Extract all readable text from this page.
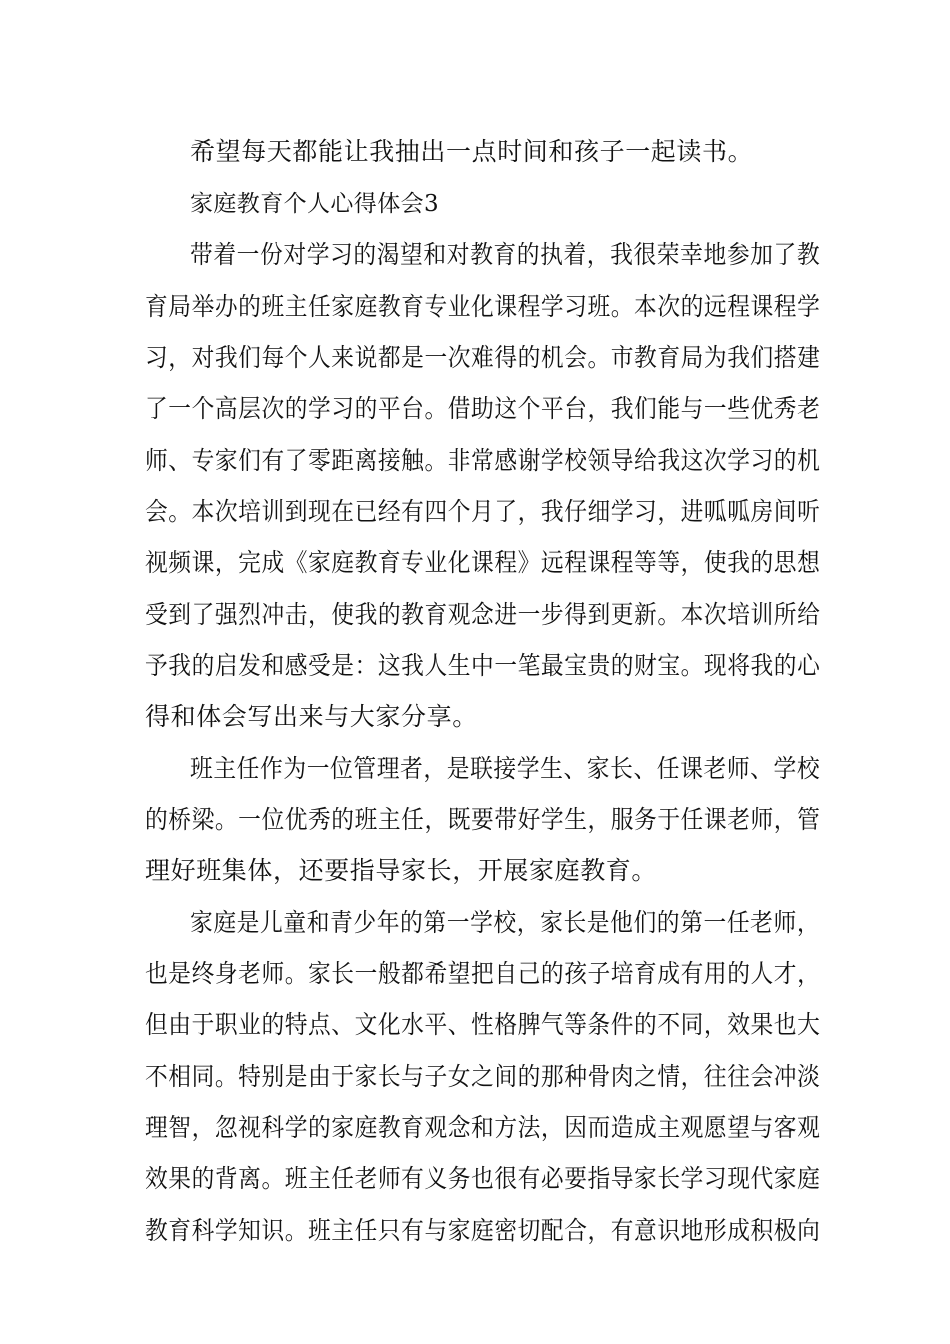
希望每天都能让我抽出一点时间和孩子一起读书。
家庭教育个人心得体会3
带着一份对学习的渴望和对教育的执着，我很荣幸地参加了教
育局举办的班主任家庭教育专业化课程学习班。本次的远程课程学
习，对我们每个人来说都是一次难得的机会。市教育局为我们搭建
了一个高层次的学习的平台。借助这个平台，我们能与一些优秀老
师、专家们有了零距离接触。非常感谢学校领导给我这次学习的机
会。本次培训到现在已经有四个月了，我仔细学习，进呱呱房间听
视频课，完成《家庭教育专业化课程》远程课程等等，使我的思想
受到了强烈冲击，使我的教育观念进一步得到更新。本次培训所给
予我的启发和感受是：这我人生中一笔最宝贵的财宝。现将我的心
得和体会写出来与大家分享。
班主任作为一位管理者，是联接学生、家长、任课老师、学校
的桥梁。一位优秀的班主任，既要带好学生，服务于任课老师，管
理好班集体，还要指导家长，开展家庭教育。
家庭是儿童和青少年的第一学校，家长是他们的第一任老师，
也是终身老师。家长一般都希望把自己的孩子培育成有用的人才，
但由于职业的特点、文化水平、性格脾气等条件的不同，效果也大
不相同。特别是由于家长与子女之间的那种骨肉之情，往往会冲淡
理智，忽视科学的家庭教育观念和方法，因而造成主观愿望与客观
效果的背离。班主任老师有义务也很有必要指导家长学习现代家庭
教育科学知识。班主任只有与家庭密切配合，有意识地形成积极向
